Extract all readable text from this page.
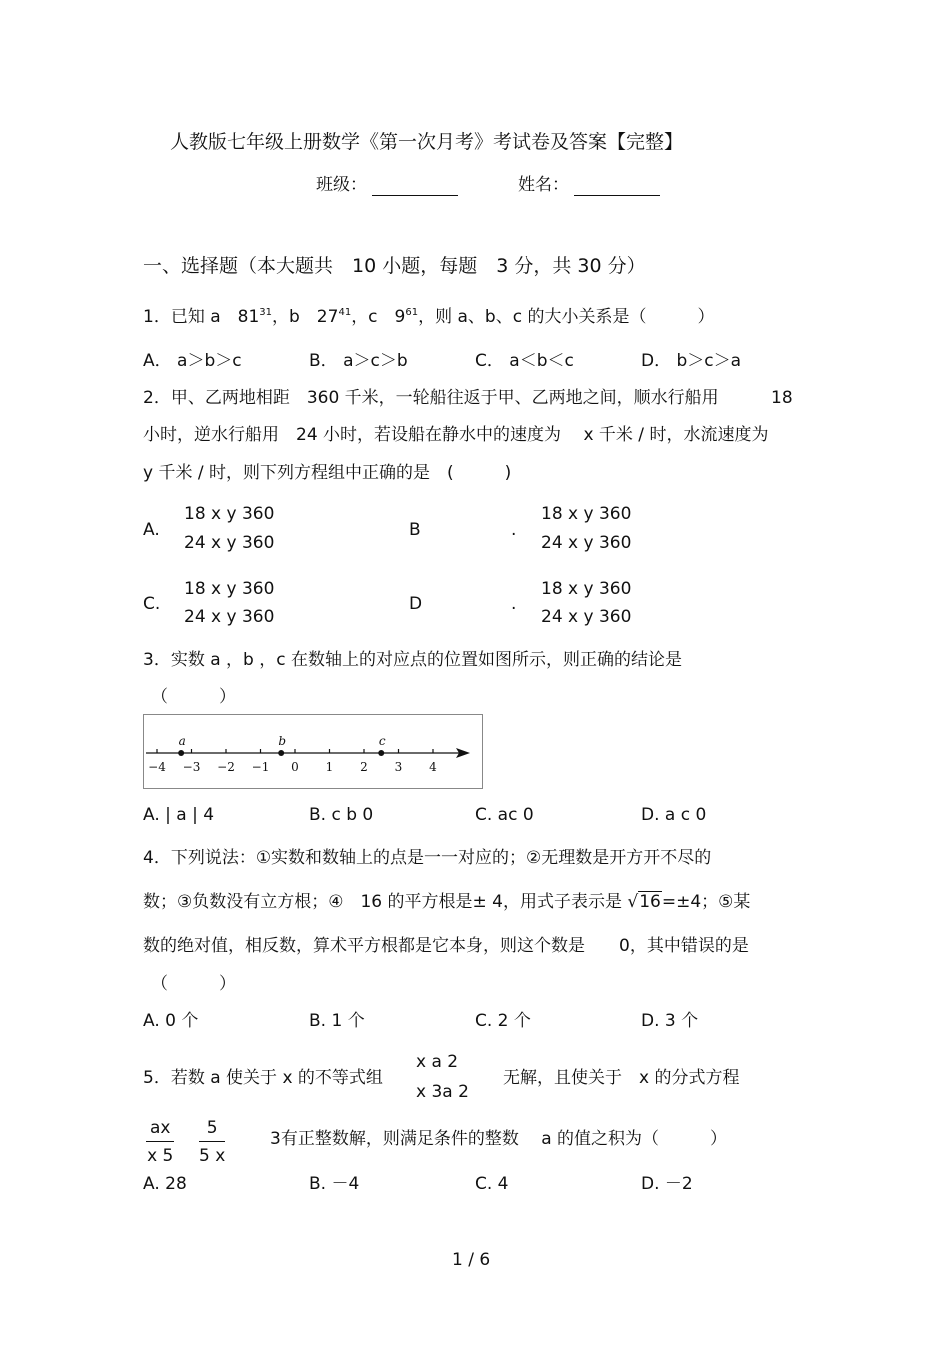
人教版七年级上册数学《第一次月考》考试卷及答案【完整】
班级：	姓名：
一、选择题（本大题共　10 小题，每题　3 分，共 30 分）
1．已知 a　$81^{31}$，b　$27^{41}$，c　$9^{61}$，则 a、b、c 的大小关系是（　　　）
A． a＞b＞c	B． a＞c＞b	C． a＜b＜c	D． b＞c＞a
2．甲、乙两地相距　360 千米，一轮船往返于甲、乙两地之间，顺水行船用	18
小时，逆水行船用　24 小时，若设船在静水中的速度为　 x 千米 / 时，水流速度为
y 千米 / 时，则下列方程组中正确的是　(　　　)
A.
18 x y 360
24 x y 360
B	.
18 x y 360
24 x y 360
C.
18 x y 360
24 x y 360
D	.
18 x y 360
24 x y 360
3．实数 a ，b ，c 在数轴上的对应点的位置如图所示，则正确的结论是
（　　　）
−4 −3 −2 −1 0 1 2 3 4
a	b	c
A. | a | 4	B. c b 0	C. ac 0	D. a c 0
4．下列说法：①实数和数轴上的点是一一对应的；②无理数是开方开不尽的
数；③负数没有立方根；④　16 的平方根是± 4，用式子表示是 √16=±4；⑤某
数的绝对值，相反数，算术平方根都是它本身，则这个数是　　0，其中错误的是
（　　　）
A. 0 个	B. 1 个	C. 2 个	D. 3 个
5．若数 a 使关于 x 的不等式组
x a 2
x 3a 2
无解，且使关于　x 的分式方程
$\frac{ax}{x 5} \frac{5}{5 x}$	3有正整数解，则满足条件的整数　 a 的值之积为（　　　）
A. 28	B. －4	C. 4	D. －2
1 / 6
